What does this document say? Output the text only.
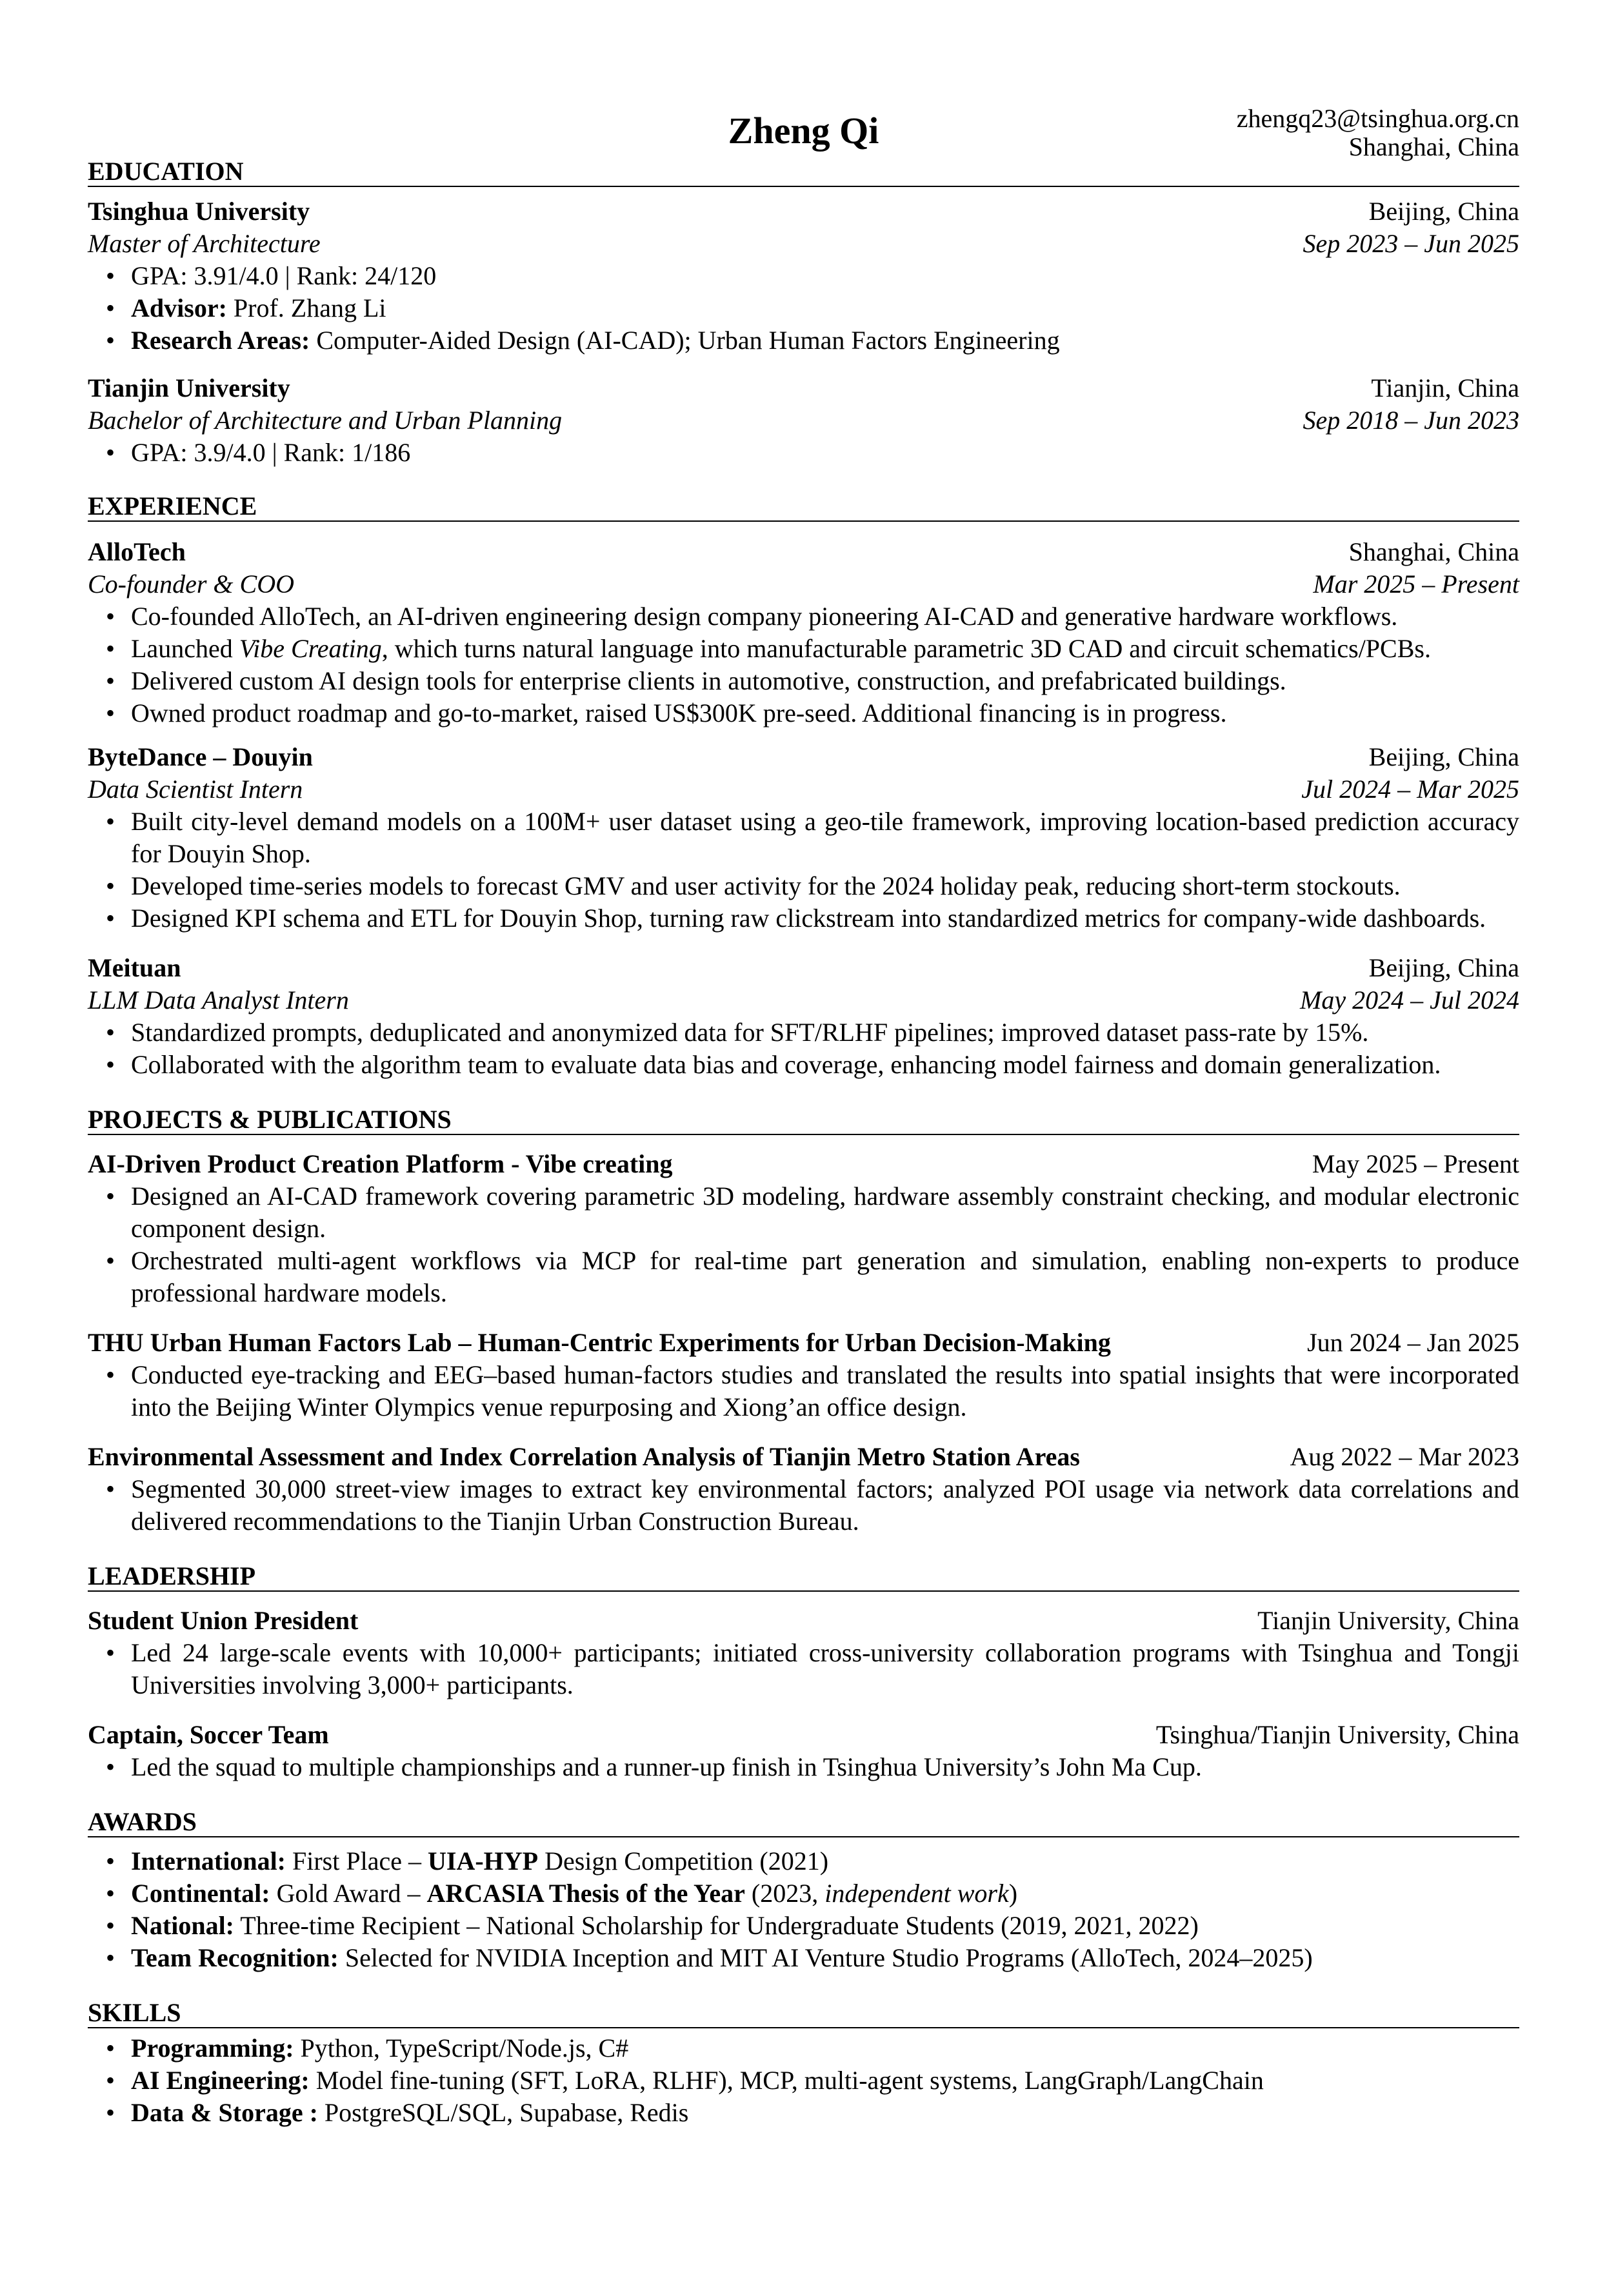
Zheng Qi	zhengq23@tsinghua.org.cn
Shanghai, China
EDUCATION
Tsinghua University	Beijing, China
Master of Architecture	Sep 2023 – Jun 2025
• GPA: 3.91/4.0 | Rank: 24/120
• Advisor: Prof. Zhang Li
• Research Areas: Computer-Aided Design (AI-CAD); Urban Human Factors Engineering
Tianjin University	Tianjin, China
Bachelor of Architecture and Urban Planning	Sep 2018 – Jun 2023
• GPA: 3.9/4.0 | Rank: 1/186
EXPERIENCE
AlloTech	Shanghai, China
Co-founder & COO	Mar 2025 – Present
• Co-founded AlloTech, an AI-driven engineering design company pioneering AI-CAD and generative hardware workflows.
• Launched Vibe Creating, which turns natural language into manufacturable parametric 3D CAD and circuit schematics/PCBs.
• Delivered custom AI design tools for enterprise clients in automotive, construction, and prefabricated buildings.
• Owned product roadmap and go-to-market, raised US$300K pre-seed. Additional financing is in progress.
ByteDance – Douyin	Beijing, China
Data Scientist Intern	Jul 2024 – Mar 2025
• Built city-level demand models on a 100M+ user dataset using a geo-tile framework, improving location-based prediction accuracy for Douyin Shop.
• Developed time-series models to forecast GMV and user activity for the 2024 holiday peak, reducing short-term stockouts.
• Designed KPI schema and ETL for Douyin Shop, turning raw clickstream into standardized metrics for company-wide dashboards.
Meituan	Beijing, China
LLM Data Analyst Intern	May 2024 – Jul 2024
• Standardized prompts, deduplicated and anonymized data for SFT/RLHF pipelines; improved dataset pass-rate by 15%.
• Collaborated with the algorithm team to evaluate data bias and coverage, enhancing model fairness and domain generalization.
PROJECTS & PUBLICATIONS
AI-Driven Product Creation Platform - Vibe creating	May 2025 – Present
• Designed an AI-CAD framework covering parametric 3D modeling, hardware assembly constraint checking, and modular electronic component design.
• Orchestrated multi-agent workflows via MCP for real-time part generation and simulation, enabling non-experts to produce professional hardware models.
THU Urban Human Factors Lab – Human-Centric Experiments for Urban Decision-Making	Jun 2024 – Jan 2025
• Conducted eye-tracking and EEG–based human-factors studies and translated the results into spatial insights that were incorporated into the Beijing Winter Olympics venue repurposing and Xiong’an office design.
Environmental Assessment and Index Correlation Analysis of Tianjin Metro Station Areas	Aug 2022 – Mar 2023
• Segmented 30,000 street-view images to extract key environmental factors; analyzed POI usage via network data correlations and delivered recommendations to the Tianjin Urban Construction Bureau.
LEADERSHIP
Student Union President	Tianjin University, China
• Led 24 large-scale events with 10,000+ participants; initiated cross-university collaboration programs with Tsinghua and Tongji Universities involving 3,000+ participants.
Captain, Soccer Team	Tsinghua/Tianjin University, China
• Led the squad to multiple championships and a runner-up finish in Tsinghua University’s John Ma Cup.
AWARDS
• International: First Place – UIA-HYP Design Competition (2021)
• Continental: Gold Award – ARCASIA Thesis of the Year (2023, independent work)
• National: Three-time Recipient – National Scholarship for Undergraduate Students (2019, 2021, 2022)
• Team Recognition: Selected for NVIDIA Inception and MIT AI Venture Studio Programs (AlloTech, 2024–2025)
SKILLS
• Programming: Python, TypeScript/Node.js, C#
• AI Engineering: Model fine-tuning (SFT, LoRA, RLHF), MCP, multi-agent systems, LangGraph/LangChain
• Data & Storage : PostgreSQL/SQL, Supabase, Redis
